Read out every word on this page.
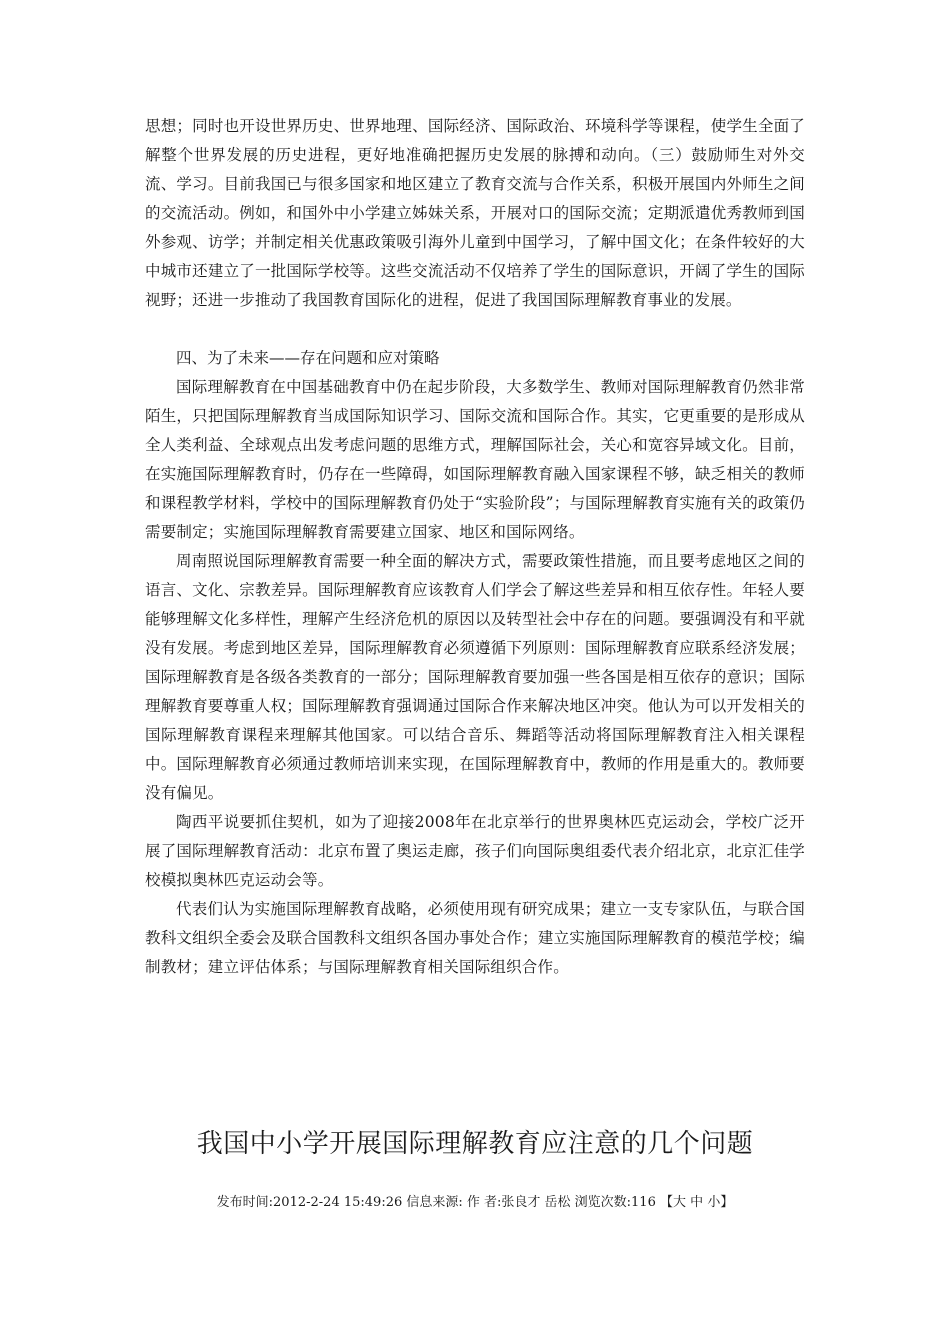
思想；同时也开设世界历史、世界地理、国际经济、国际政治、环境科学等课程，使学生全面了解整个世界发展的历史进程，更好地准确把握历史发展的脉搏和动向。（三）鼓励师生对外交流、学习。目前我国已与很多国家和地区建立了教育交流与合作关系，积极开展国内外师生之间的交流活动。例如，和国外中小学建立姊妹关系，开展对口的国际交流；定期派遣优秀教师到国外参观、访学；并制定相关优惠政策吸引海外儿童到中国学习，了解中国文化；在条件较好的大中城市还建立了一批国际学校等。这些交流活动不仅培养了学生的国际意识，开阔了学生的国际视野；还进一步推动了我国教育国际化的进程，促进了我国国际理解教育事业的发展。

四、为了未来——存在问题和应对策略

国际理解教育在中国基础教育中仍在起步阶段，大多数学生、教师对国际理解教育仍然非常陌生，只把国际理解教育当成国际知识学习、国际交流和国际合作。其实，它更重要的是形成从全人类利益、全球观点出发考虑问题的思维方式，理解国际社会，关心和宽容异域文化。目前，在实施国际理解教育时，仍存在一些障碍，如国际理解教育融入国家课程不够，缺乏相关的教师和课程教学材料，学校中的国际理解教育仍处于“实验阶段”；与国际理解教育实施有关的政策仍需要制定；实施国际理解教育需要建立国家、地区和国际网络。

周南照说国际理解教育需要一种全面的解决方式，需要政策性措施，而且要考虑地区之间的语言、文化、宗教差异。国际理解教育应该教育人们学会了解这些差异和相互依存性。年轻人要能够理解文化多样性，理解产生经济危机的原因以及转型社会中存在的问题。要强调没有和平就没有发展。考虑到地区差异，国际理解教育必须遵循下列原则：国际理解教育应联系经济发展；国际理解教育是各级各类教育的一部分；国际理解教育要加强一些各国是相互依存的意识；国际理解教育要尊重人权；国际理解教育强调通过国际合作来解决地区冲突。他认为可以开发相关的国际理解教育课程来理解其他国家。可以结合音乐、舞蹈等活动将国际理解教育注入相关课程中。国际理解教育必须通过教师培训来实现，在国际理解教育中，教师的作用是重大的。教师要没有偏见。

陶西平说要抓住契机，如为了迎接2008年在北京举行的世界奥林匹克运动会，学校广泛开展了国际理解教育活动：北京布置了奥运走廊，孩子们向国际奥组委代表介绍北京，北京汇佳学校模拟奥林匹克运动会等。

代表们认为实施国际理解教育战略，必须使用现有研究成果；建立一支专家队伍，与联合国教科文组织全委会及联合国教科文组织各国办事处合作；建立实施国际理解教育的模范学校；编制教材；建立评估体系；与国际理解教育相关国际组织合作。

我国中小学开展国际理解教育应注意的几个问题

发布时间:2012-2-24 15:49:26 信息来源: 作 者:张良才 岳松 浏览次数:116 【大 中 小】
